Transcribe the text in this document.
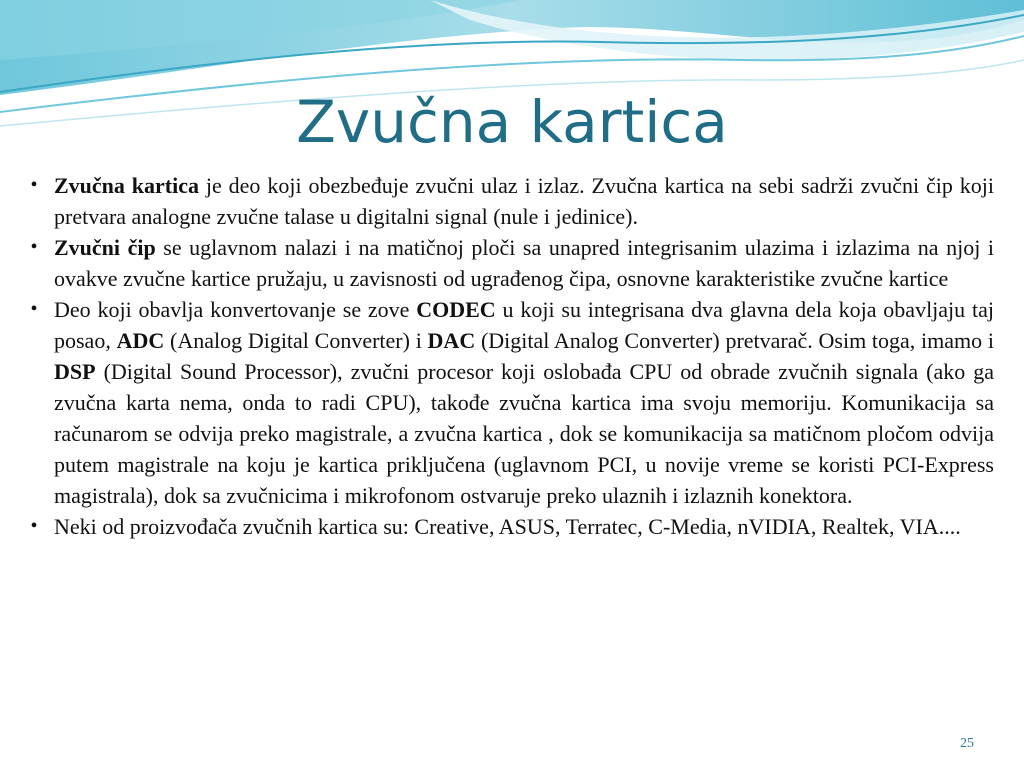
Zvučna kartica
• Zvučna kartica je deo koji obezbeđuje zvučni ulaz i izlaz. Zvučna kartica na sebi sadrži zvučni čip koji pretvara analogne zvučne talase u digitalni signal (nule i jedinice).
• Zvučni čip se uglavnom nalazi i na matičnoj ploči sa unapred integrisanim ulazima i izlazima na njoj i ovakve zvučne kartice pružaju, u zavisnosti od ugrađenog čipa, osnovne karakteristike zvučne kartice
• Deo koji obavlja konvertovanje se zove CODEC u koji su integrisana dva glavna dela koja obavljaju taj posao, ADC (Analog Digital Converter) i DAC (Digital Analog Converter) pretvarač. Osim toga, imamo i DSP (Digital Sound Processor), zvučni procesor koji oslobađa CPU od obrade zvučnih signala (ako ga zvučna karta nema, onda to radi CPU), takođe zvučna kartica ima svoju memoriju. Komunikacija sa računarom se odvija preko magistrale, a zvučna kartica , dok se komunikacija sa matičnom pločom odvija putem magistrale na koju je kartica priključena (uglavnom PCI, u novije vreme se koristi PCI-Express magistrala), dok sa zvučnicima i mikrofonom ostvaruje preko ulaznih i izlaznih konektora.
• Neki od proizvođača zvučnih kartica su: Creative, ASUS, Terratec, C-Media, nVIDIA, Realtek, VIA....
25
